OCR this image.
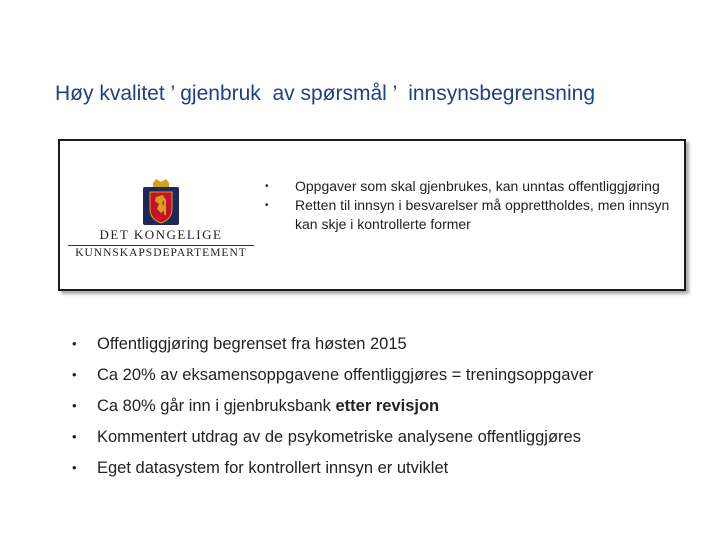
Høy kvalitet ’ gjenbruk  av spørsmål ’  innsynsbegrensning
DET KONGELIGE
KUNNSKAPSDEPARTEMENT
• Oppgaver som skal gjenbrukes, kan unntas offentliggjøring
• Retten til innsyn i besvarelser må opprettholdes, men innsyn kan skje i kontrollerte former
• Offentliggjøring begrenset fra høsten 2015
• Ca 20% av eksamensoppgavene offentliggjøres = treningsoppgaver
• Ca 80% går inn i gjenbruksbank etter revisjon
• Kommentert utdrag av de psykometriske analysene offentliggjøres
• Eget datasystem for kontrollert innsyn er utviklet
